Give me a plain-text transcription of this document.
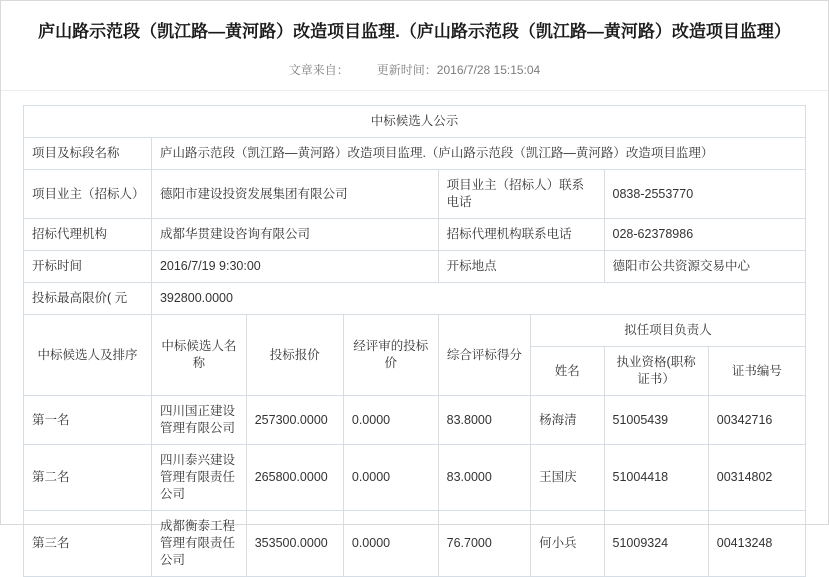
庐山路示范段（凯江路—黄河路）改造项目监理.（庐山路示范段（凯江路—黄河路）改造项目监理）
文章来自： 更新时间： 2016/7/28 15:15:04
中标候选人公示							
项目及标段名称	庐山路示范段（凯江路—黄河路）改造项目监理.（庐山路示范段（凯江路—黄河路）改造项目监理）						
项目业主（招标人）	德阳市建设投资发展集团有限公司			项目业主（招标人）联系电话		0838-2553770	
招标代理机构	成都华贯建设咨询有限公司			招标代理机构联系电话		028-62378986	
开标时间	2016/7/19 9:30:00			开标地点		德阳市公共资源交易中心	
投标最高限价( 元	392800.0000						
中标候选人及排序	中标候选人名称	投标报价	经评审的投标价	综合评标得分	拟任项目负责人		
					姓名	执业资格(职称证书）	证书编号
第一名	四川国正建设管理有限公司	257300.0000	0.0000	83.8000	杨海清	51005439	00342716
第二名	四川泰兴建设管理有限责任公司	265800.0000	0.0000	83.0000	王国庆	51004418	00314802
第三名	成都衡泰工程管理有限责任公司	353500.0000	0.0000	76.7000	何小兵	51009324	00413248
